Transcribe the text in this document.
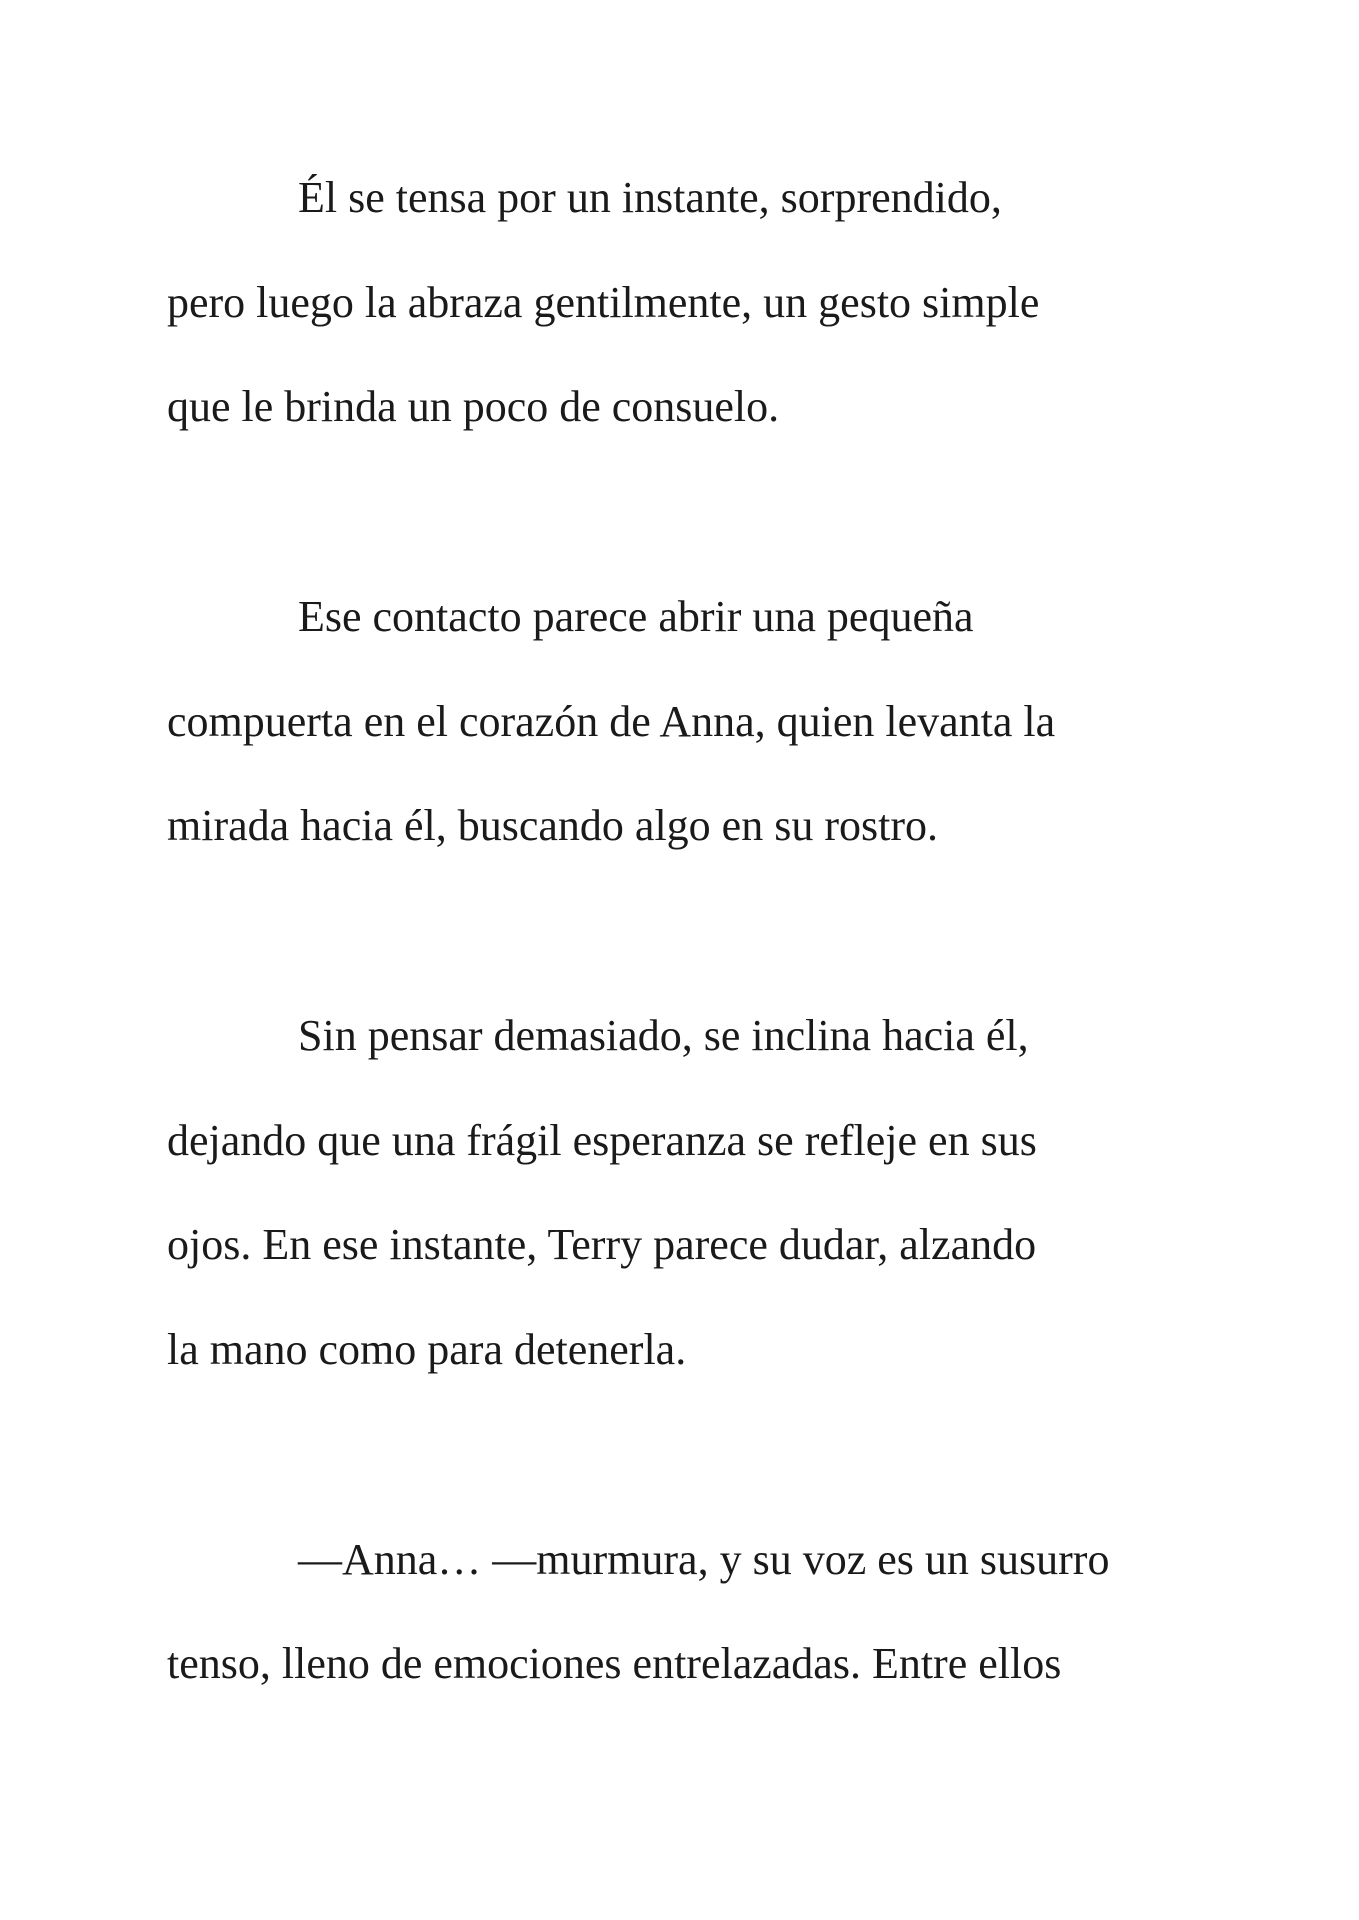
Él se tensa por un instante, sorprendido,
pero luego la abraza gentilmente, un gesto simple
que le brinda un poco de consuelo.
Ese contacto parece abrir una pequeña
compuerta en el corazón de Anna, quien levanta la
mirada hacia él, buscando algo en su rostro.
Sin pensar demasiado, se inclina hacia él,
dejando que una frágil esperanza se refleje en sus
ojos. En ese instante, Terry parece dudar, alzando
la mano como para detenerla.
—Anna… —murmura, y su voz es un susurro
tenso, lleno de emociones entrelazadas. Entre ellos
